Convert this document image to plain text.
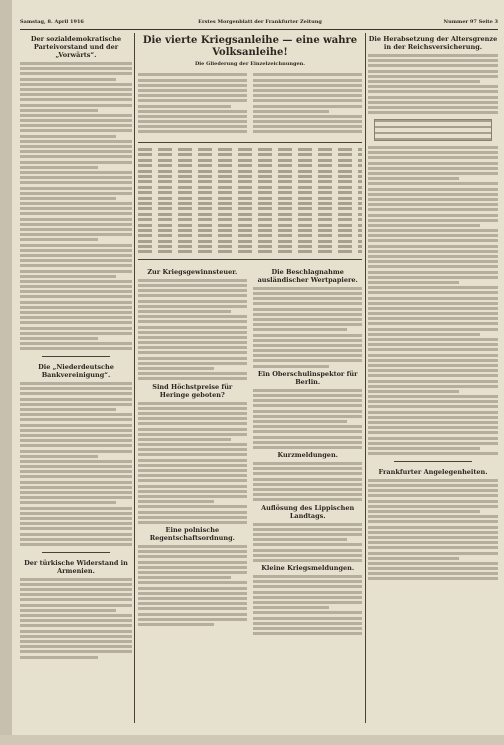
Samstag, 8. April 1916	Erstes Morgenblatt der Frankfurter Zeitung	Nummer 97 Seite 3
Der sozialdemokratische Parteivorstand und der „Vorwärts“.
Die „Niederdeutsche Bankvereinigung“.
Der türkische Widerstand in Armenien.
Die vierte Kriegsanleihe — eine wahre Volksanleihe!
Die Gliederung der Einzelzeichnungen.
Zur Kriegsgewinnsteuer.
Sind Höchstpreise für Heringe geboten?
Eine polnische Regentschaftsordnung.
Die Beschlagnahme ausländischer Wertpapiere.
Ein Oberschulinspektor für Berlin.
Kurzmeldungen.
Auflösung des Lippischen Landtags.
Kleine Kriegsmeldungen.
Die Herabsetzung der Altersgrenze in der Reichsversicherung.
Frankfurter Angelegenheiten.
